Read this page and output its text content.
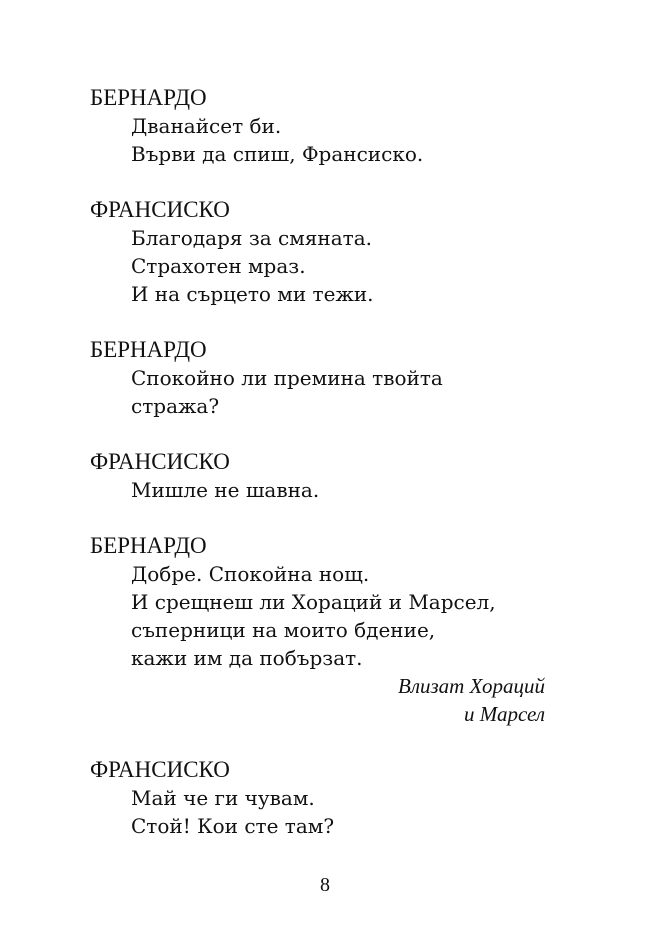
БЕРНАРДО
Дванайсет би.
Върви да спиш, Франсиско.
ФРАНСИСКО
Благодаря за смяната.
Страхотен мраз.
И на сърцето ми тежи.
БЕРНАРДО
Спокойно ли премина твойта
стража?
ФРАНСИСКО
Мишле не шавна.
БЕРНАРДО
Добре. Спокойна нощ.
И срещнеш ли Хораций и Марсел,
съперници на моито бдение,
кажи им да побързат.
Влизат Хораций
и Марсел
ФРАНСИСКО
Май че ги чувам.
Стой! Кои сте там?
8
